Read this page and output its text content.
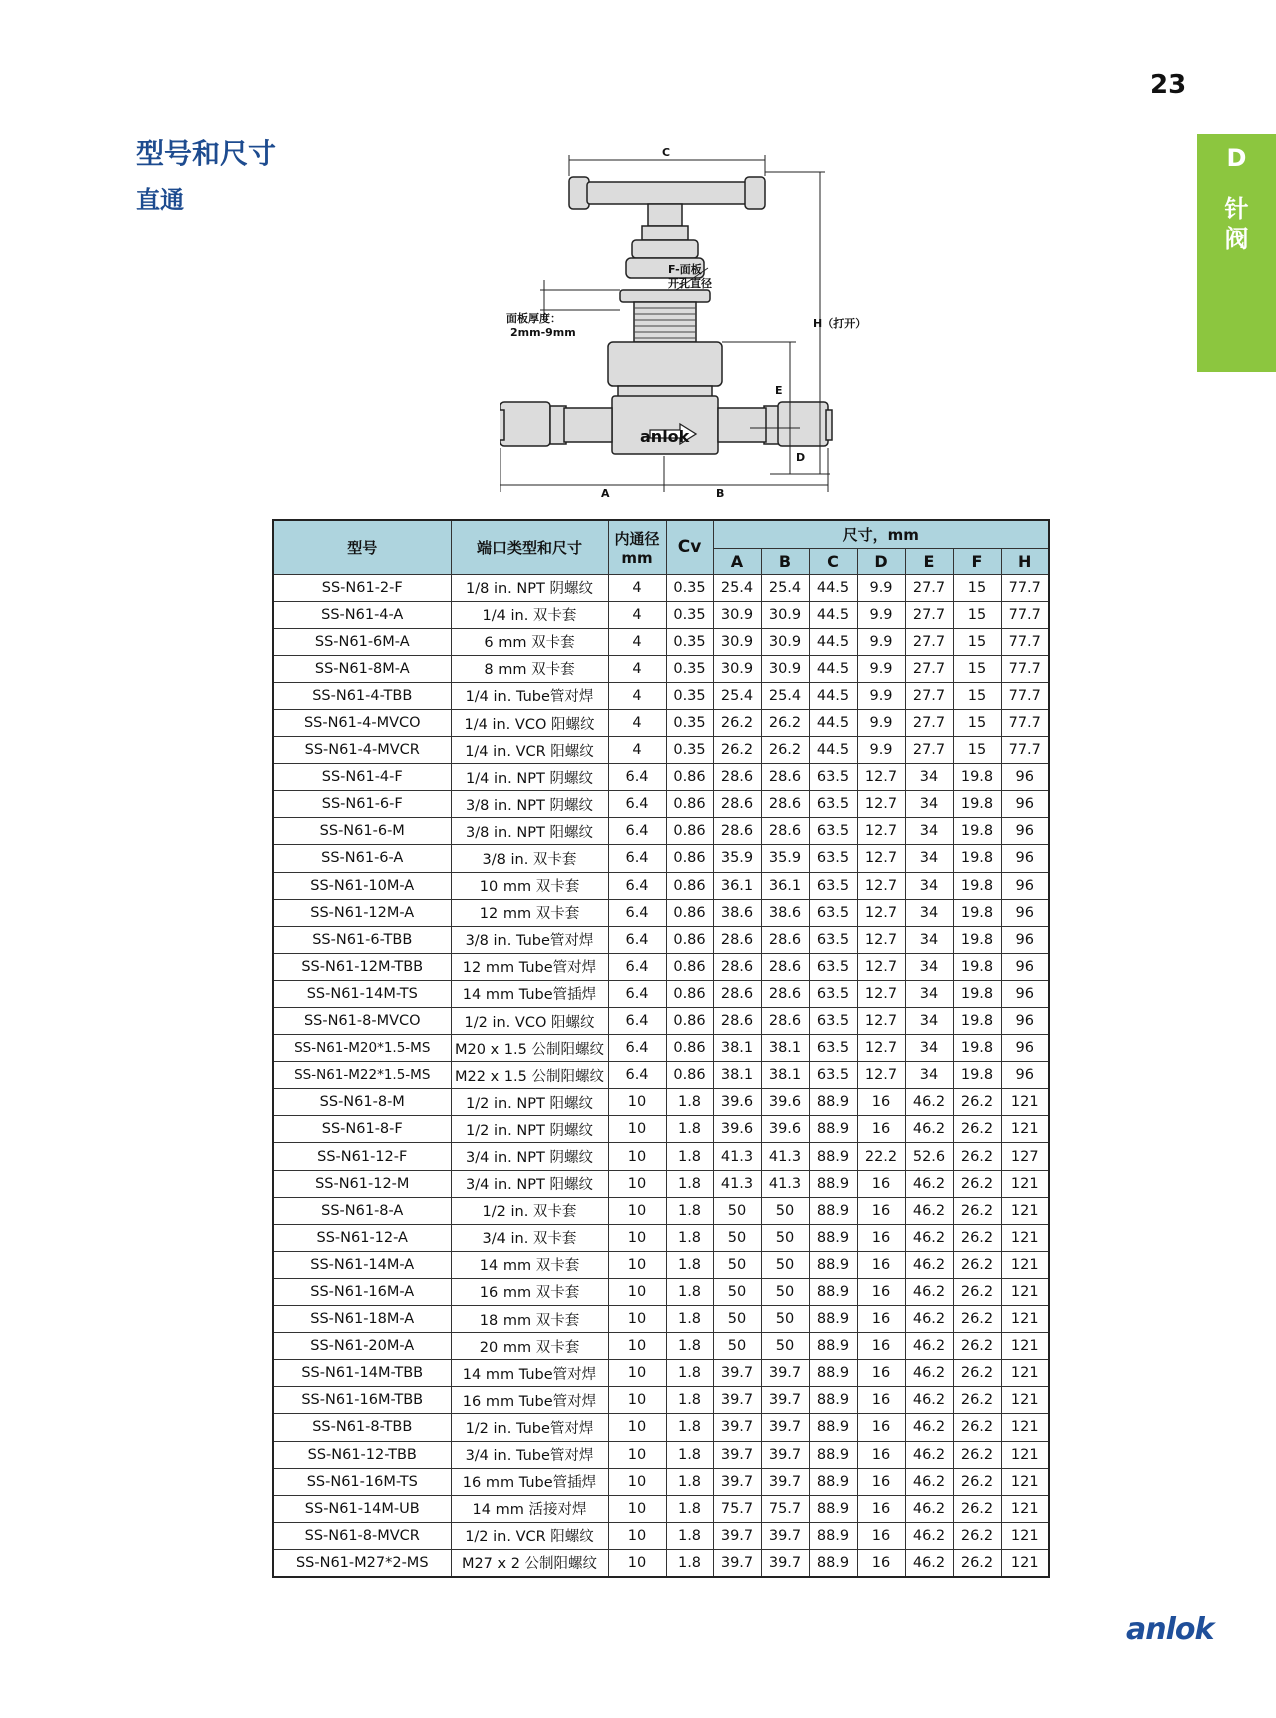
23
D
针阀
型号和尺寸
直通
C
F-面板
开孔直径
H（打开）
面板厚度：
2mm-9mm
E
D
A	B
anlok
型号	端口类型和尺寸	内通径
mm	Cv	尺寸，mm						
				A	B	C	D	E	F	H
SS-N61-2-F	1/8 in. NPT 阴螺纹	4	0.35	25.4	25.4	44.5	9.9	27.7	15	77.7
SS-N61-4-A	1/4 in. 双卡套	4	0.35	30.9	30.9	44.5	9.9	27.7	15	77.7
SS-N61-6M-A	6 mm 双卡套	4	0.35	30.9	30.9	44.5	9.9	27.7	15	77.7
SS-N61-8M-A	8 mm 双卡套	4	0.35	30.9	30.9	44.5	9.9	27.7	15	77.7
SS-N61-4-TBB	1/4 in. Tube管对焊	4	0.35	25.4	25.4	44.5	9.9	27.7	15	77.7
SS-N61-4-MVCO	1/4 in. VCO 阳螺纹	4	0.35	26.2	26.2	44.5	9.9	27.7	15	77.7
SS-N61-4-MVCR	1/4 in. VCR 阳螺纹	4	0.35	26.2	26.2	44.5	9.9	27.7	15	77.7
SS-N61-4-F	1/4 in. NPT 阴螺纹	6.4	0.86	28.6	28.6	63.5	12.7	34	19.8	96
SS-N61-6-F	3/8 in. NPT 阴螺纹	6.4	0.86	28.6	28.6	63.5	12.7	34	19.8	96
SS-N61-6-M	3/8 in. NPT 阳螺纹	6.4	0.86	28.6	28.6	63.5	12.7	34	19.8	96
SS-N61-6-A	3/8 in. 双卡套	6.4	0.86	35.9	35.9	63.5	12.7	34	19.8	96
SS-N61-10M-A	10 mm 双卡套	6.4	0.86	36.1	36.1	63.5	12.7	34	19.8	96
SS-N61-12M-A	12 mm 双卡套	6.4	0.86	38.6	38.6	63.5	12.7	34	19.8	96
SS-N61-6-TBB	3/8 in. Tube管对焊	6.4	0.86	28.6	28.6	63.5	12.7	34	19.8	96
SS-N61-12M-TBB	12 mm Tube管对焊	6.4	0.86	28.6	28.6	63.5	12.7	34	19.8	96
SS-N61-14M-TS	14 mm Tube管插焊	6.4	0.86	28.6	28.6	63.5	12.7	34	19.8	96
SS-N61-8-MVCO	1/2 in. VCO 阳螺纹	6.4	0.86	28.6	28.6	63.5	12.7	34	19.8	96
SS-N61-M20*1.5-MS	M20 x 1.5 公制阳螺纹	6.4	0.86	38.1	38.1	63.5	12.7	34	19.8	96
SS-N61-M22*1.5-MS	M22 x 1.5 公制阳螺纹	6.4	0.86	38.1	38.1	63.5	12.7	34	19.8	96
SS-N61-8-M	1/2 in. NPT 阳螺纹	10	1.8	39.6	39.6	88.9	16	46.2	26.2	121
SS-N61-8-F	1/2 in. NPT 阴螺纹	10	1.8	39.6	39.6	88.9	16	46.2	26.2	121
SS-N61-12-F	3/4 in. NPT 阴螺纹	10	1.8	41.3	41.3	88.9	22.2	52.6	26.2	127
SS-N61-12-M	3/4 in. NPT 阳螺纹	10	1.8	41.3	41.3	88.9	16	46.2	26.2	121
SS-N61-8-A	1/2 in. 双卡套	10	1.8	50	50	88.9	16	46.2	26.2	121
SS-N61-12-A	3/4 in. 双卡套	10	1.8	50	50	88.9	16	46.2	26.2	121
SS-N61-14M-A	14 mm 双卡套	10	1.8	50	50	88.9	16	46.2	26.2	121
SS-N61-16M-A	16 mm 双卡套	10	1.8	50	50	88.9	16	46.2	26.2	121
SS-N61-18M-A	18 mm 双卡套	10	1.8	50	50	88.9	16	46.2	26.2	121
SS-N61-20M-A	20 mm 双卡套	10	1.8	50	50	88.9	16	46.2	26.2	121
SS-N61-14M-TBB	14 mm Tube管对焊	10	1.8	39.7	39.7	88.9	16	46.2	26.2	121
SS-N61-16M-TBB	16 mm Tube管对焊	10	1.8	39.7	39.7	88.9	16	46.2	26.2	121
SS-N61-8-TBB	1/2 in. Tube管对焊	10	1.8	39.7	39.7	88.9	16	46.2	26.2	121
SS-N61-12-TBB	3/4 in. Tube管对焊	10	1.8	39.7	39.7	88.9	16	46.2	26.2	121
SS-N61-16M-TS	16 mm Tube管插焊	10	1.8	39.7	39.7	88.9	16	46.2	26.2	121
SS-N61-14M-UB	14 mm 活接对焊	10	1.8	75.7	75.7	88.9	16	46.2	26.2	121
SS-N61-8-MVCR	1/2 in. VCR 阳螺纹	10	1.8	39.7	39.7	88.9	16	46.2	26.2	121
SS-N61-M27*2-MS	M27 x 2 公制阳螺纹	10	1.8	39.7	39.7	88.9	16	46.2	26.2	121
anlok
